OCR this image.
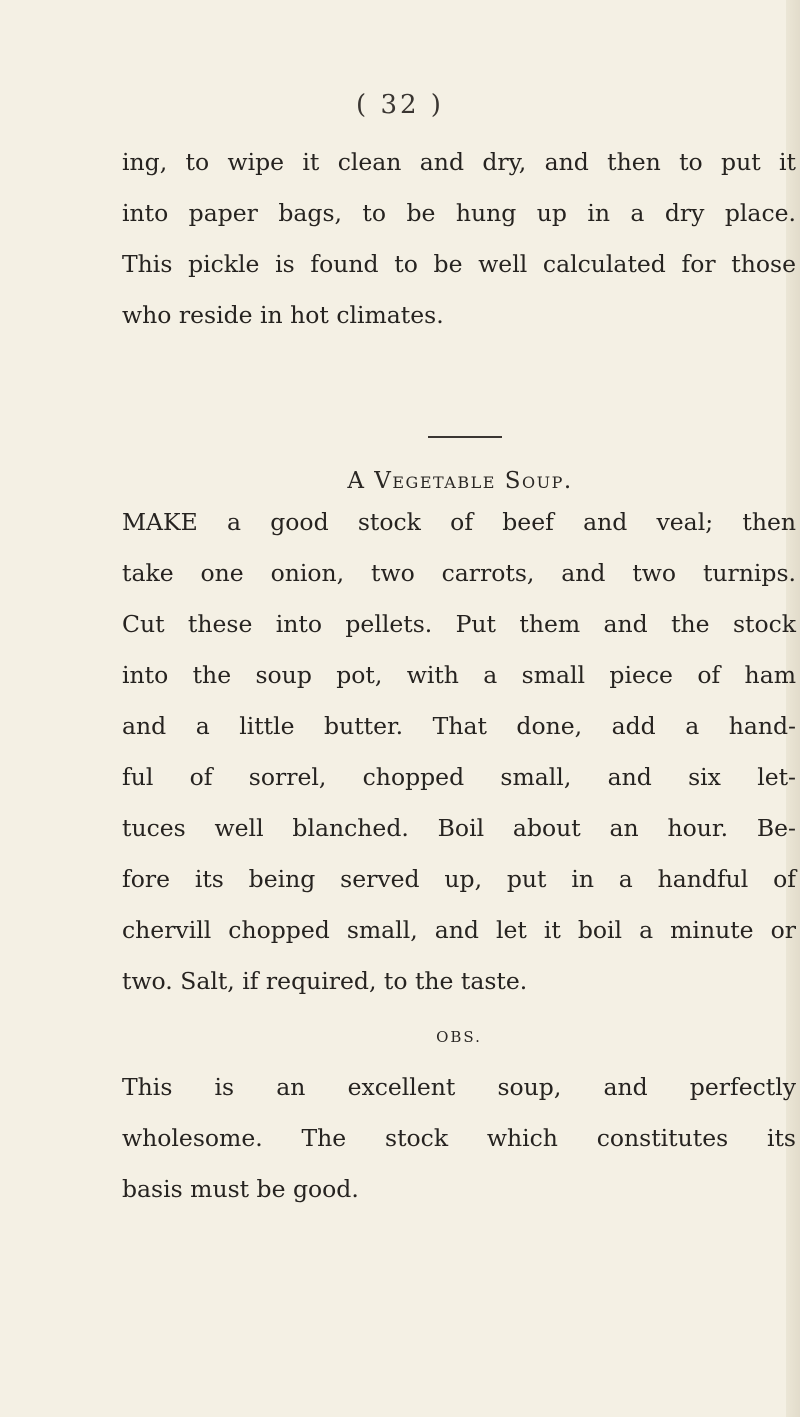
( 32 )
ing, to wipe it clean and dry, and then to put it
into paper bags, to be hung up in a dry place.
This pickle is found to be well calculated for those
who reside in hot climates.
A Vegetable Soup.
MAKE a good stock of beef and veal; then
take one onion, two carrots, and two turnips.
Cut these into pellets. Put them and the stock
into the soup pot, with a small piece of ham
and a little butter. That done, add a hand-
ful of sorrel, chopped small, and six let-
tuces well blanched. Boil about an hour. Be-
fore its being served up, put in a handful of
chervill chopped small, and let it boil a minute or
two. Salt, if required, to the taste.
OBS.
This is an excellent soup, and perfectly
wholesome. The stock which constitutes its
basis must be good.
